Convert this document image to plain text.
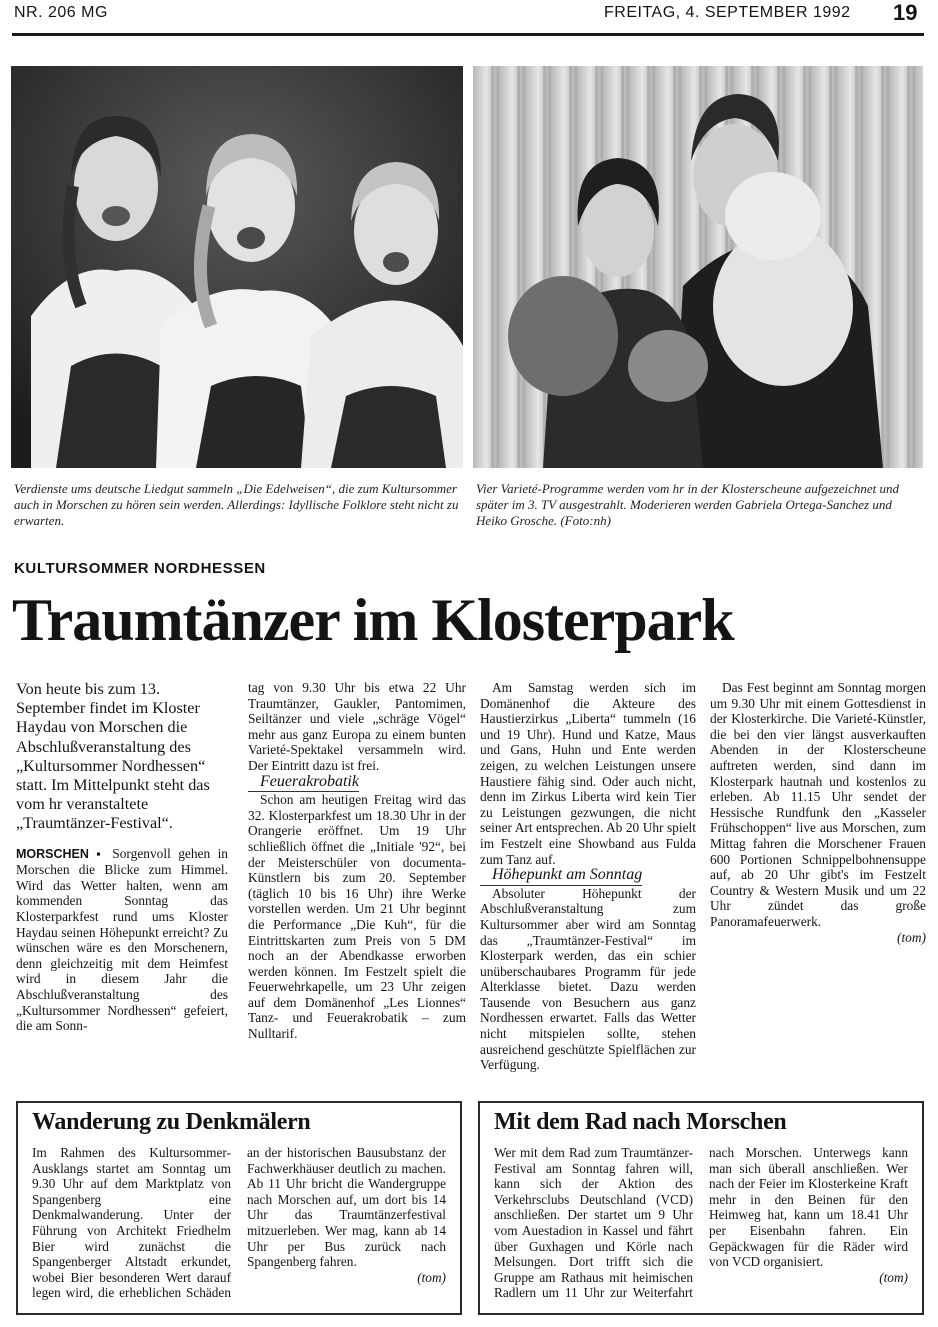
NR. 206 MG	FREITAG, 4. SEPTEMBER 1992 19
Verdienste ums deutsche Liedgut sammeln „Die Edelweisen“, die zum Kultursommer auch in Morschen zu hören sein werden. Allerdings: Idyllische Folklore steht nicht zu erwarten.
Vier Varieté-Programme werden vom hr in der Klosterscheune aufgezeichnet und später im 3. TV ausgestrahlt. Moderieren werden Gabriela Ortega-Sanchez und Heiko Grosche. (Foto:nh)
KULTURSOMMER NORDHESSEN
Traumtänzer im Klosterpark

Von heute bis zum 13. September findet im Kloster Haydau von Morschen die Abschlußveranstaltung des „Kultursommer Nordhessen“ statt. Im Mittelpunkt steht das vom hr veranstaltete „Traumtänzer-Festival“.

MORSCHEN ▪ Sorgenvoll gehen in Morschen die Blicke zum Himmel. Wird das Wetter halten, wenn am kommenden Sonntag das Klosterparkfest rund ums Kloster Haydau seinen Höhepunkt erreicht? Zu wünschen wäre es den Morschenern, denn gleichzeitig mit dem Heimfest wird in diesem Jahr die Abschlußveranstaltung des „Kultursommer Nordhessen“ gefeiert, die am Sonn-

tag von 9.30 Uhr bis etwa 22 Uhr Traumtänzer, Gaukler, Pantomimen, Seiltänzer und viele „schräge Vögel“ mehr aus ganz Europa zu einem bunten Varieté-Spektakel versammeln wird. Der Eintritt dazu ist frei.

Feuerakrobatik

Schon am heutigen Freitag wird das 32. Klosterparkfest um 18.30 Uhr in der Orangerie eröffnet. Um 19 Uhr schließlich öffnet die „Initiale '92“, bei der Meisterschüler von documenta-Künstlern bis zum 20. September (täglich 10 bis 16 Uhr) ihre Werke vorstellen werden. Um 21 Uhr beginnt die Performance „Die Kuh“, für die Eintrittskarten zum Preis von 5 DM noch an der Abendkasse erworben werden können. Im Festzelt spielt die Feuerwehrkapelle, um 23 Uhr zeigen auf dem Domänenhof „Les Lionnes“ Tanz- und Feuerakrobatik – zum Nulltarif.

Am Samstag werden sich im Domänenhof die Akteure des Haustierzirkus „Liberta“ tummeln (16 und 19 Uhr). Hund und Katze, Maus und Gans, Huhn und Ente werden zeigen, zu welchen Leistungen unsere Haustiere fähig sind. Oder auch nicht, denn im Zirkus Liberta wird kein Tier zu Leistungen gezwungen, die nicht seiner Art entsprechen. Ab 20 Uhr spielt im Festzelt eine Showband aus Fulda zum Tanz auf.

Höhepunkt am Sonntag

Absoluter Höhepunkt der Abschlußveranstaltung zum Kultursommer aber wird am Sonntag das „Traumtänzer-Festival“ im Klosterpark werden, das ein schier unüberschaubares Programm für jede Alterklasse bietet. Dazu werden Tausende von Besuchern aus ganz Nordhessen erwartet. Falls das Wetter nicht mitspielen sollte, stehen ausreichend geschützte Spielflächen zur Verfügung.

Das Fest beginnt am Sonntag morgen um 9.30 Uhr mit einem Gottesdienst in der Klosterkirche. Die Varieté-Künstler, die bei den vier längst ausverkauften Abenden in der Klosterscheune auftreten werden, sind dann im Klosterpark hautnah und kostenlos zu erleben. Ab 11.15 Uhr sendet der Hessische Rundfunk den „Kasseler Frühschoppen“ live aus Morschen, zum Mittag fahren die Morschener Frauen 600 Portionen Schnippelbohnensuppe auf, ab 20 Uhr gibt's im Festzelt Country & Western Musik und um 22 Uhr zündet das große Panoramafeuerwerk.

(tom)

Wanderung zu Denkmälern

Im Rahmen des Kultursommer-Ausklangs startet am Sonntag um 9.30 Uhr auf dem Marktplatz von Spangenberg eine Denkmalwanderung. Unter der Führung von Architekt Friedhelm Bier wird zunächst die Spangenberger Altstadt erkundet, wobei Bier besonderen Wert darauf legen wird, die erheblichen Schäden an der historischen Bausubstanz der Fachwerkhäuser deutlich zu machen. Ab 11 Uhr bricht die Wandergruppe nach Morschen auf, um dort bis 14 Uhr das Traumtänzerfestival mitzuerleben. Wer mag, kann ab 14 Uhr per Bus zurück nach Spangenberg fahren.

(tom)

Mit dem Rad nach Morschen

Wer mit dem Rad zum Traumtänzer-Festival am Sonntag fahren will, kann sich der Aktion des Verkehrsclubs Deutschland (VCD) anschließen. Der startet um 9 Uhr vom Auestadion in Kassel und fährt über Guxhagen und Körle nach Melsungen. Dort trifft sich die Gruppe am Rathaus mit heimischen Radlern um 11 Uhr zur Weiterfahrt nach Morschen. Unterwegs kann man sich überall anschließen. Wer nach der Feier im Klosterkeine Kraft mehr in den Beinen für den Heimweg hat, kann um 18.41 Uhr per Eisenbahn fahren. Ein Gepäckwagen für die Räder wird von VCD organisiert.

(tom)
